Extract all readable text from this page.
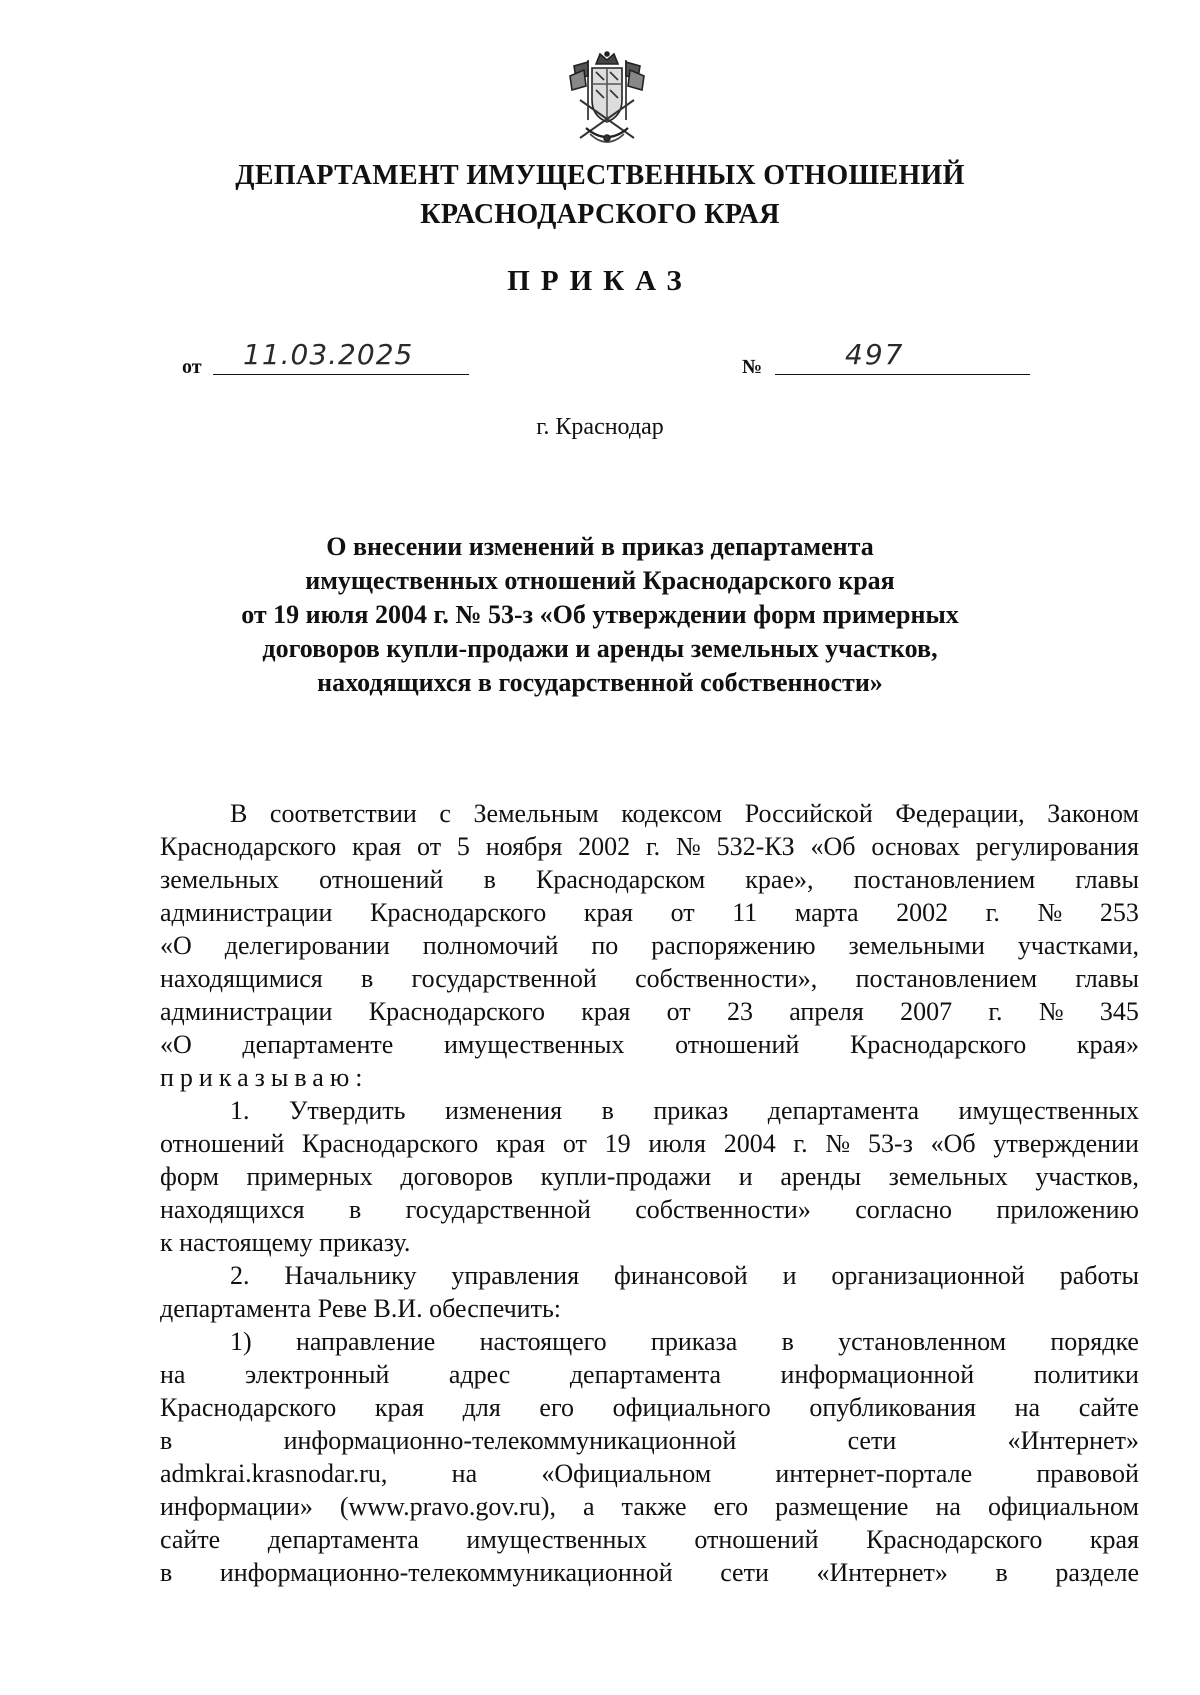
ДЕПАРТАМЕНТ ИМУЩЕСТВЕННЫХ ОТНОШЕНИЙ
КРАСНОДАРСКОГО КРАЯ
ПРИКАЗ
от 11.03.2025	№	497
г. Краснодар
О внесении изменений в приказ департамента
имущественных отношений Краснодарского края
от 19 июля 2004 г. № 53-з «Об утверждении форм примерных
договоров купли-продажи и аренды земельных участков,
находящихся в государственной собственности»
В соответствии с Земельным кодексом Российской Федерации, Законом
Краснодарского края от 5 ноября 2002 г. № 532-КЗ «Об основах регулирования
земельных отношений в Краснодарском крае», постановлением главы
администрации Краснодарского края от 11 марта 2002 г. № 253
«О делегировании полномочий по распоряжению земельными участками,
находящимися в государственной собственности», постановлением главы
администрации Краснодарского края от 23 апреля 2007 г. № 345
«О департаменте имущественных отношений Краснодарского края»
приказываю:
1. Утвердить изменения в приказ департамента имущественных
отношений Краснодарского края от 19 июля 2004 г. № 53-з «Об утверждении
форм примерных договоров купли-продажи и аренды земельных участков,
находящихся в государственной собственности» согласно приложению
к настоящему приказу.
2. Начальнику управления финансовой и организационной работы
департамента Реве В.И. обеспечить:
1) направление настоящего приказа в установленном порядке
на электронный адрес департамента информационной политики
Краснодарского края для его официального опубликования на сайте
в	информационно-телекоммуникационной	сети	«Интернет»
admkrai.krasnodar.ru, на «Официальном интернет-портале правовой
информации» (www.pravo.gov.ru), а также его размещение на официальном
сайте департамента имущественных отношений Краснодарского края
в информационно-телекоммуникационной сети «Интернет» в разделе
